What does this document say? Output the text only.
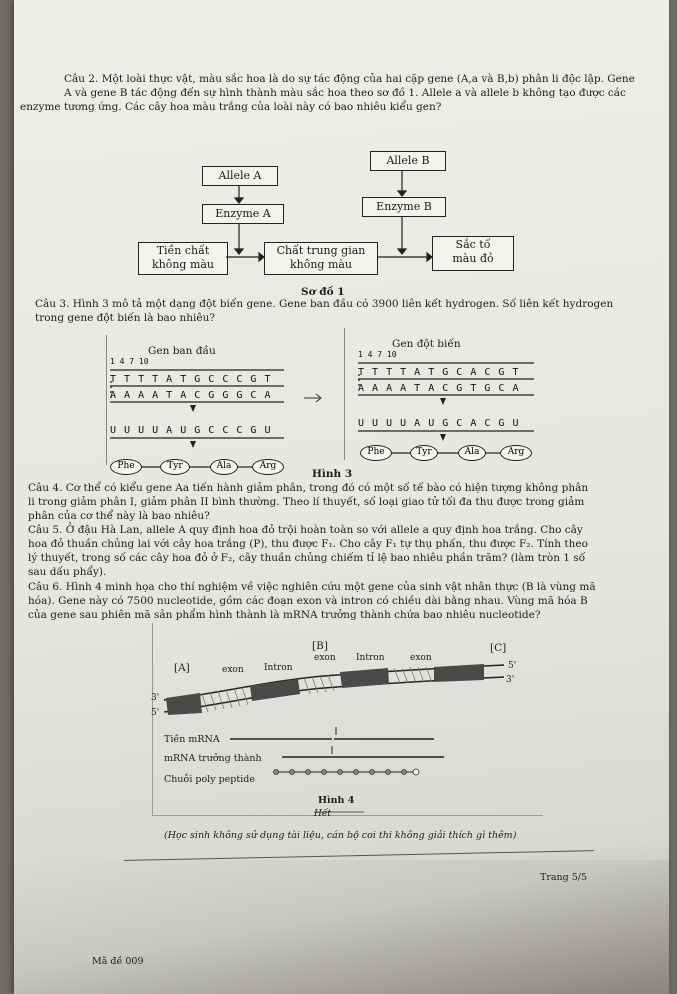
Câu 2. Một loài thực vật, màu sắc hoa là do sự tác động của hai cặp gene (A,a và B,b) phân li độc lập. Gene
A và gene B tác động đến sự hình thành màu sắc hoa theo sơ đồ 1. Allele a và allele b không tạo được các
enzyme tương ứng. Các cây hoa màu trắng của loài này có bao nhiêu kiểu gen?
Allele A
Allele B
Enzyme A
Enzyme B
Tiền chất
không màu
Chất trung gian
không màu
Sắc tố
màu đỏ
Sơ đồ 1
Câu 3. Hình 3 mô tả một dạng đột biến gene. Gene ban đầu có 3900 liên kết hydrogen. Số liên kết hydrogen
trong gene đột biến là bao nhiêu?
Gen ban đầu
1 4 7 10
T T T T A T G C C C G T
A A A A T A C G G G C A
U U U U A U G C C C G U
Gen đột biến
1 4 7 10
T T T T A T G C A C G T
A A A A T A C G T G C A
U U U U A U G C A C G U
Phe	Tyr	Ala	Arg
Phe	Tyr	Ala	Arg
Hình 3
Câu 4. Cơ thể có kiểu gene Aa tiến hành giảm phân, trong đó có một số tế bào có hiện tượng không phân
li trong giảm phân I, giảm phân II bình thường. Theo lí thuyết, số loại giao tử tối đa thu được trong giảm
phân của cơ thể này là bao nhiêu?
Câu 5. Ở đậu Hà Lan, allele A quy định hoa đỏ trội hoàn toàn so với allele a quy định hoa trắng. Cho cây
hoa đỏ thuần chủng lai với cây hoa trắng (P), thu được F₁. Cho cây F₁ tự thụ phấn, thu được F₂. Tính theo
lý thuyết, trong số các cây hoa đỏ ở F₂, cây thuần chủng chiếm tỉ lệ bao nhiêu phần trăm? (làm tròn 1 số
sau dấu phẩy).
Câu 6. Hình 4 minh họa cho thí nghiệm về việc nghiên cứu một gene của sinh vật nhân thực (B là vùng mã
hóa). Gene này có 7500 nucleotide, gồm các đoạn exon và intron có chiều dài bằng nhau. Vùng mã hóa B
của gene sau phiên mã sản phẩm hình thành là mRNA trưởng thành chứa bao nhiêu nucleotide?
[B]	[C]
[A]	exon Intron
exon Intron	exon
5'
3'
3'
5'
Tiền mRNA
mRNA trưởng thành
Chuỗi poly peptide
Hình 4
Hết
(Học sinh không sử dụng tài liệu, cán bộ coi thi không giải thích gì thêm)
Trang 5/5
Mã đề 009
